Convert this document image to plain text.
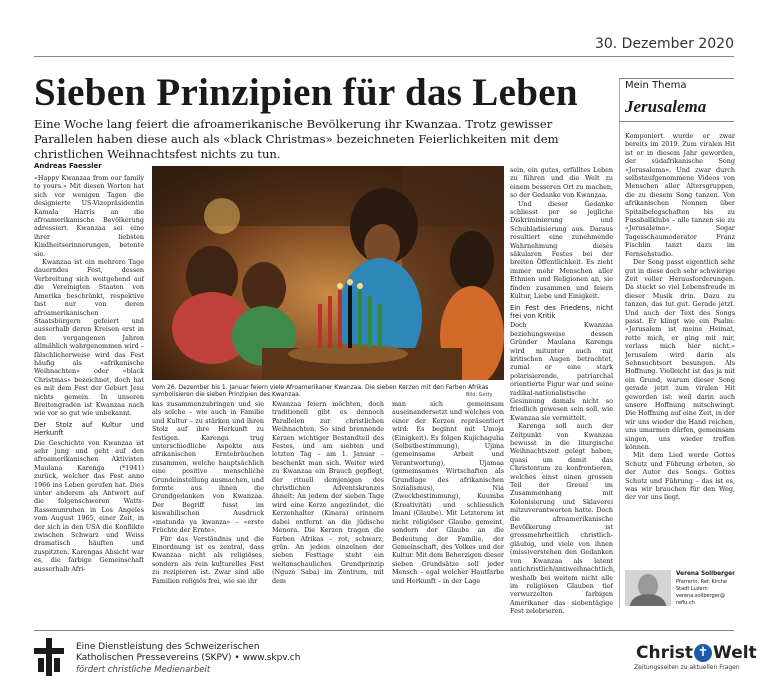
30. Dezember 2020
Sieben Prinzipien für das Leben
Eine Woche lang feiert die afroamerikanische Bevölkerung ihr Kwanzaa. Trotz gewisser Parallelen haben diese auch als «black Christmas» bezeichneten Feierlichkeiten mit dem christlichen Weihnachtsfest nichts zu tun.
Andreas Faessler

«Happy Kwanzaa from our family to yours.» Mit diesen Worten hat sich vor wenigen Tagen die designierte US-Vizepräsidentin Kamala Harris an die afroamerikanische Bevölkerung adressiert. Kwanzaa sei eine ihrer liebsten Kindheitserinnerungen, betonte sie.

Kwanzaa ist ein mehrere Tage dauerndes Fest, dessen Verbreitung sich weitgehend auf die Vereinigten Staaten von Amerika beschränkt, respektive fast nur von deren afroamerikanischen Staatsbürgern gefeiert und ausserhalb deren Kreisen erst in den vergangenen Jahren allmählich wahrgenommen wird – fälschlicherweise wird das Fest häufig als «afrikanische Weihnachten» oder «black Christmas» bezeichnet, doch hat es mit dem Fest der Geburt Jesu nichts gemein. In unseren Breitengraden ist Kwanzaa nach wie vor so gut wie unbekannt.

Der Stolz auf Kultur und Herkunft

Die Geschichte von Kwanzaa ist sehr jung und geht auf den afroamerikanischen Aktivisten Maulana Karenga (*1941) zurück, welcher das Fest anno 1966 ins Leben gerufen hat. Dies unter anderem als Antwort auf die folgenschweren Watts-Rassenunruhen in Los Angeles vom August 1965, einer Zeit, in der sich in den USA die Konflikte zwischen Schwarz und Weiss dramatisch häuften und zuspitzten. Karengas Absicht war es, die farbige Gemeinschaft ausserhalb Afri-

Vom 26. Dezember bis 1. Januar feiern viele Afroamerikaner Kwanzaa. Die sieben Kerzen mit den Farben Afrikas symbolisieren die sieben Prinzipien des Kwanzaa.	Bild: Getty

kas zusammenzubringen und sie als solche – wie auch in Familie und Kultur – zu stärken und ihren Stolz auf ihre Herkunft zu festigen. Karenga trug unterschiedliche Aspekte aus afrikanischen Erntebräuchen zusammen, welche hauptsächlich eine positive menschliche Grundeinstellung ausmachen, und formte aus ihnen die Grundgedanken von Kwanzaa. Der Begriff fusst im kiswahilischen Ausdruck «matunda ya kwanza» – «erste Früchte der Ernte».

Für das Verständnis und die Einordnung ist es zentral, dass Kwanzaa nicht als religiöses, sondern als rein kulturelles Fest zu rezipieren ist. Zwar sind alle Familien religiös frei, wie sie ihr

Kwanzaa feiern möchten, doch traditionell gibt es dennoch Parallelen zur christlichen Weihnachten. So sind brennende Kerzen wichtiger Bestandteil des Festes, und am siebten und letzten Tag – am 1. Januar – beschenkt man sich. Weiter wird zu Kwanzaa ein Brauch gepflegt, der rituell demjenigen des christlichen Adventskranzes ähnelt: An jedem der sieben Tage wird eine Kerze angezündet, die Kerzenhalter (Kinara) erinnern dabei entfernt an die jüdische Menora. Die Kerzen tragen die Farben Afrikas – rot, schwarz, grün. An jedem einzelnen der sieben Festtage steht ein weltanschauliches Grundprinzip (Nguzo Saba) im Zentrum, mit dem

man sich gemeinsam auseinandersetzt und welches von einer der Kerzen repräsentiert wird: Es beginnt mit Umoja (Einigkeit). Es folgen Kujichagulia (Selbstbestimmung), Ujima (gemeinsame Arbeit und Verantwortung), Ujamaa (gemeinsames Wirtschaften als Grundlage des afrikanischen Sozialismus), Nia (Zweckbestimmung), Kuumba (Kreativität) und schliesslich Imani (Glaube). Mit Letzterem ist nicht religiöser Glaube gemeint, sondern der Glaube an die Bedeutung der Familie, der Gemeinschaft, des Volkes und der Kultur. Mit dem Beherzigen dieser sieben Grundsätze soll jeder Mensch – egal welcher Hautfarbe und Herkunft – in der Lage

sein, ein gutes, erfülltes Leben zu führen und die Welt zu einem besseren Ort zu machen, so der Gedanke von Kwanzaa.

Und dieser Gedanke schliesst per se jegliche Diskriminierung und Schubladisierung aus. Daraus resultiert eine zunehmende Wahrnehmung dieses säkularen Festes bei der breiten Öffentlichkeit. Es zieht immer mehr Menschen aller Ethnien und Religionen an, sie finden zusammen und feiern Kultur, Liebe und Einigkeit.

Ein Fest des Friedens, nicht frei von Kritik

Doch Kwanzaa beziehungsweise dessen Gründer Maulana Karenga wird mitunter auch mit kritischen Augen betrachtet, zumal er eine stark polarisierende, patriarchal orientierte Figur war und seine radikal-nationalistische Gesinnung damals nicht so friedlich gewesen sein soll, wie Kwanzaa sie vermittelt.

Karenga soll auch der Zeitpunkt von Kwanzaa bewusst in die liturgische Weihnachtszeit gelegt haben, quasi um damit das Christentum zu konfrontieren, welches einst einen grossen Teil der Greuel im Zusammenhang mit Kolonisierung und Sklaverei mitzuverantworten hatte. Doch die afroamerikanische Bevölkerung ist grossmehrheitlich christlich-gläubig, und viele von ihnen (miss)verstehen den Gedanken von Kwanzaa als latent antichristlich/antiweihnachtlich, weshalb bei weitem nicht alle im religiösen Glauben tief verwurzelten farbigen Amerikaner das siebentägige Fest zelebrieren.

Mein Thema
Jerusalema

Komponiert wurde er zwar bereits im 2019. Zum viralen Hit ist er in diesem Jahr geworden, der südafrikanische Song «Jerusalema». Und zwar durch selbstaufgenommene Videos von Menschen aller Altersgruppen, die zu diesem Song tanzen. Von afrikanischen Nonnen über Spitalbelegschaften bis zu Fussballklubs – alle tanzen sie zu «Jerusalema». Sogar Tagesschaumoderator Franz Fischlin tanzt dazu im Fernsehstudio.

Der Song passt eigentlich sehr gut in diese doch sehr schwierige Zeit voller Herausforderungen. Da steckt so viel Lebensfreude in dieser Musik drin. Dazu zu tanzen, das tut gut. Gerade jetzt. Und auch der Text des Songs passt. Er klingt wie ein Psalm: «Jerusalem ist meine Heimat, rette mich, er ging mit mir, verlass mich hier nicht.» Jerusalem wird darin als Sehnsuchtsort besungen. Als Hoffnung. Vielleicht ist das ja mit ein Grund, warum dieser Song gerade jetzt zum viralen Hit geworden ist: weil darin auch unsere Hoffnung mitschwingt. Die Hoffnung auf eine Zeit, in der wir uns wieder die Hand reichen, uns umarmen dürfen, gemeinsam singen, uns wieder treffen können.

Mit dem Lied werde Gottes Schutz und Führung erbeten, so der Autor des Songs. Gottes Schutz und Führung – das ist es, was wir brauchen für den Weg, der vor uns liegt.

Verena Sollberger
Pfarrerin, Ref. Kirche
Stadt Luzern
verena.sollberger@
reflu.ch
Eine Dienstleistung des Schweizerischen
Katholischen Pressevereins (SKPV) • www.skpv.ch
fördert christliche Medienarbeit
Christ ✝ Welt
Zeitungsseiten zu aktuellen Fragen
